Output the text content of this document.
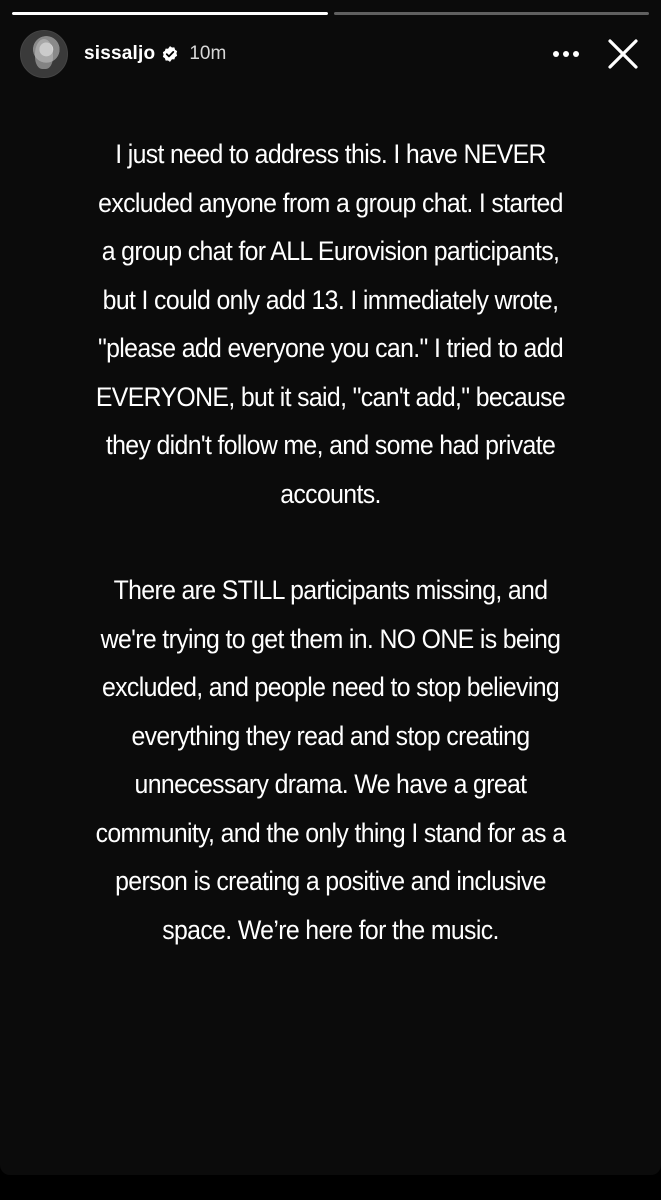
sissaljo 10m

I just need to address this. I have NEVER excluded anyone from a group chat. I started a group chat for ALL Eurovision participants, but I could only add 13. I immediately wrote, "please add everyone you can." I tried to add EVERYONE, but it said, "can't add," because they didn't follow me, and some had private accounts.

There are STILL participants missing, and we're trying to get them in. NO ONE is being excluded, and people need to stop believing everything they read and stop creating unnecessary drama. We have a great community, and the only thing I stand for as a person is creating a positive and inclusive space. We’re here for the music.
